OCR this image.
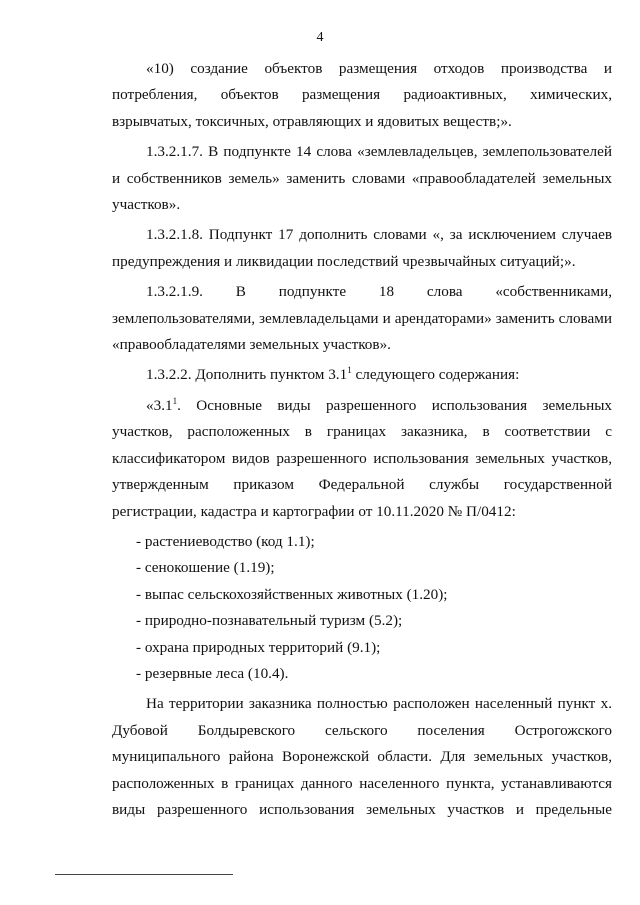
4

«10) создание объектов размещения отходов производства и потребления, объектов размещения радиоактивных, химических, взрывчатых, токсичных, отравляющих и ядовитых веществ;».

1.3.2.1.7. В подпункте 14 слова «землевладельцев, землепользователей и собственников земель» заменить словами «правообладателей земельных участков».

1.3.2.1.8. Подпункт 17 дополнить словами «, за исключением случаев предупреждения и ликвидации последствий чрезвычайных ситуаций;».

1.3.2.1.9. В подпункте 18 слова «собственниками, землепользователями, землевладельцами и арендаторами» заменить словами «правообладателями земельных участков».

1.3.2.2. Дополнить пунктом $3.1^1$ следующего содержания:

«$3.1^1$. Основные виды разрешенного использования земельных участков, расположенных в границах заказника, в соответствии с классификатором видов разрешенного использования земельных участков, утвержденным приказом Федеральной службы государственной регистрации, кадастра и картографии от 10.11.2020 № П/0412:

- растениеводство (код 1.1);

- сенокошение (1.19);

- выпас сельскохозяйственных животных (1.20);

- природно-познавательный туризм (5.2);

- охрана природных территорий (9.1);

- резервные леса (10.4).

На территории заказника полностью расположен населенный пункт х. Дубовой Болдыревского сельского поселения Острогожского муниципального района Воронежской области. Для земельных участков, расположенных в границах данного населенного пункта, устанавливаются виды разрешенного использования земельных участков и предельные
